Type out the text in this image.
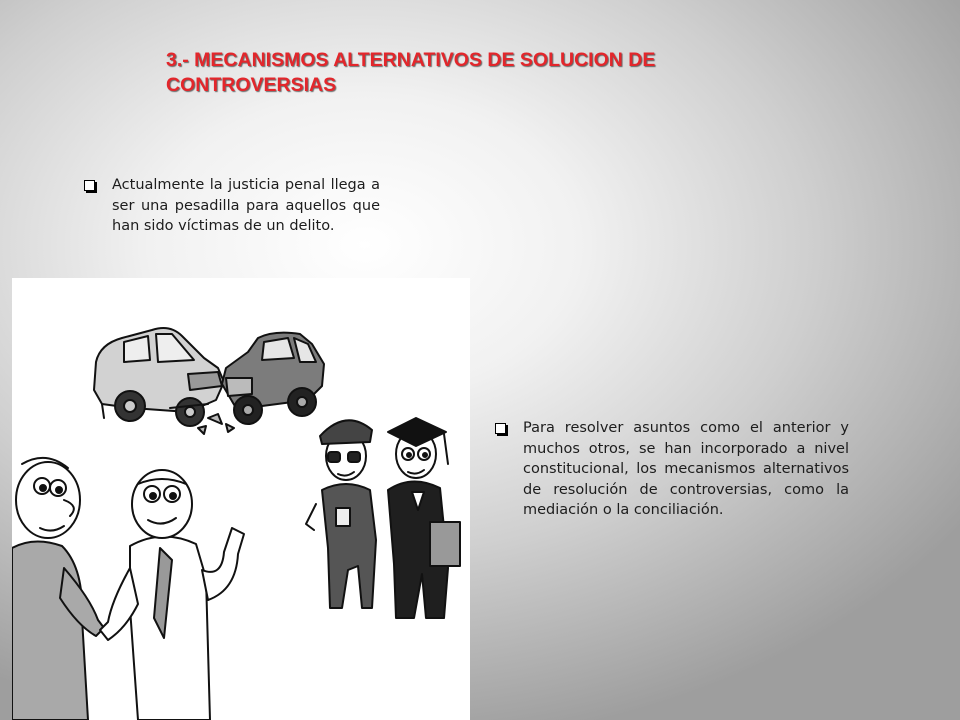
3.- MECANISMOS ALTERNATIVOS DE SOLUCION DE
CONTROVERSIAS

Actualmente la justicia penal llega a ser una pesadilla para aquellos que han sido víctimas de un delito.

Para resolver asuntos como el anterior y muchos otros, se han incorporado a nivel constitucional, los mecanismos alternativos de resolución de controversias, como la mediación o la conciliación.
